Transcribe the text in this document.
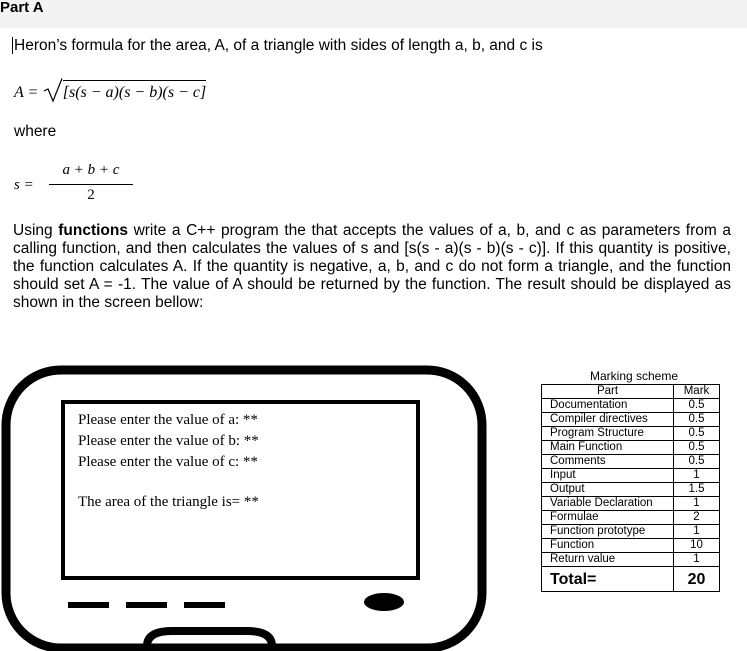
Part A
Heron’s formula for the area, A, of a triangle with sides of length a, b, and c is
A = [s(s − a)(s − b)(s − c]
where
s =
a + b + c
2
Using functions write a C++ program the that accepts the values of a, b, and c as parameters from a calling function, and then calculates the values of s and [s(s - a)(s - b)(s - c)]. If this quantity is positive, the function calculates A. If the quantity is negative, a, b, and c do not form a triangle, and the function should set A = -1. The value of A should be returned by the function. The result should be displayed as shown in the screen bellow:
Please enter the value of a: **
Please enter the value of b: **
Please enter the value of c: **
The area of the triangle is= **
Marking scheme
Part	Mark
Documentation	0.5
Compiler directives	0.5
Program Structure	0.5
Main Function	0.5
Comments	0.5
Input	1
Output	1.5
Variable Declaration	1
Formulae	2
Function prototype	1
Function	10
Return value	1
Total=	20
